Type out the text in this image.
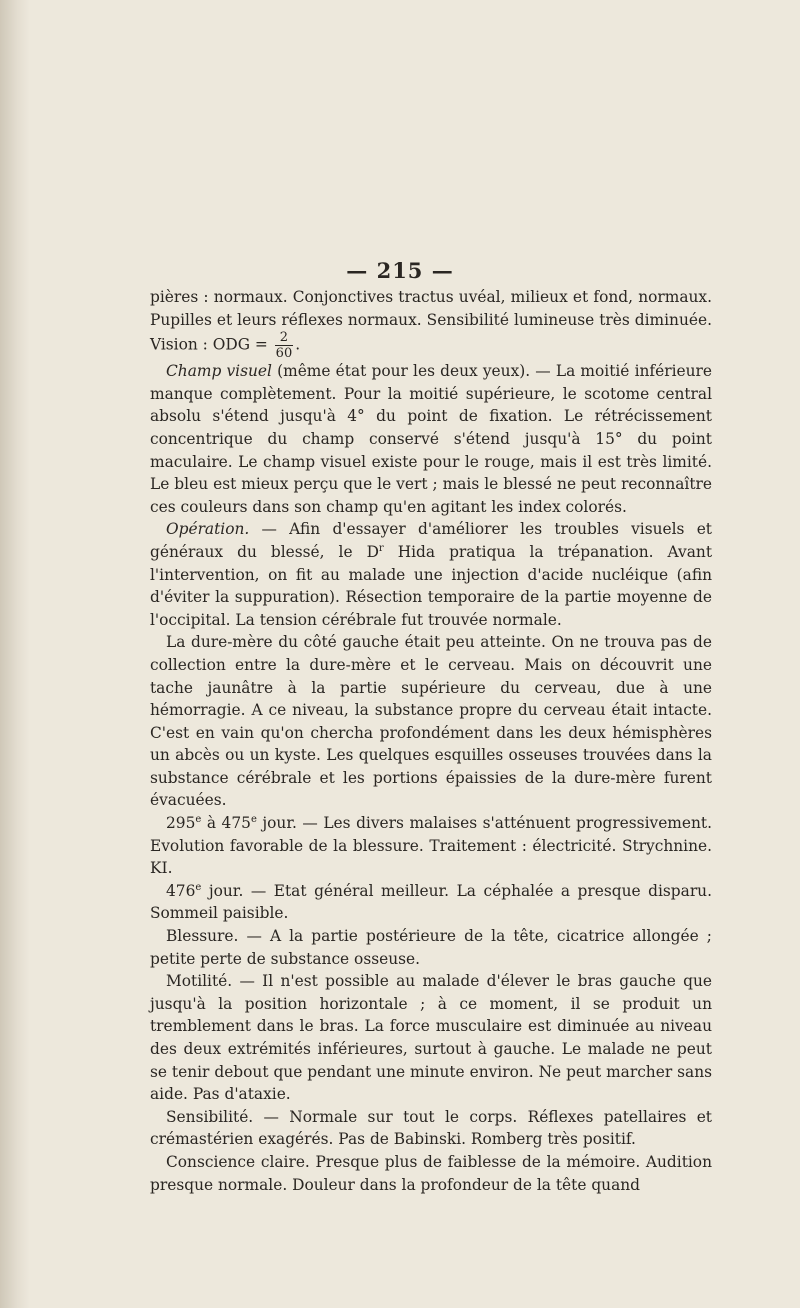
— 215 —

pières : normaux. Conjonctives tractus uvéal, milieux et fond, normaux. Pupilles et leurs réflexes normaux. Sensibilité lumineuse très diminuée. Vision : ODG = $\frac{2}{60}$ .

Champ visuel (même état pour les deux yeux). — La moitié inférieure manque complètement. Pour la moitié supérieure, le scotome central absolu s'étend jusqu'à 4° du point de fixation. Le rétrécissement concentrique du champ conservé s'étend jusqu'à 15° du point maculaire. Le champ visuel existe pour le rouge, mais il est très limité. Le bleu est mieux perçu que le vert ; mais le blessé ne peut reconnaître ces couleurs dans son champ qu'en agitant les index colorés.

Opération. — Afin d'essayer d'améliorer les troubles visuels et généraux du blessé, le $D^r$ Hida pratiqua la trépanation. Avant l'intervention, on fit au malade une injection d'acide nucléique (afin d'éviter la suppuration). Résection temporaire de la partie moyenne de l'occipital. La tension cérébrale fut trouvée normale.

La dure-mère du côté gauche était peu atteinte. On ne trouva pas de collection entre la dure-mère et le cerveau. Mais on découvrit une tache jaunâtre à la partie supérieure du cerveau, due à une hémorragie. A ce niveau, la substance propre du cerveau était intacte. C'est en vain qu'on chercha profondément dans les deux hémisphères un abcès ou un kyste. Les quelques esquilles osseuses trouvées dans la substance cérébrale et les portions épaissies de la dure-mère furent évacuées.

295e à 475e jour. — Les divers malaises s'atténuent progressivement. Evolution favorable de la blessure. Traitement : électricité. Strychnine. KI.

476e jour. — Etat général meilleur. La céphalée a presque disparu. Sommeil paisible.

Blessure. — A la partie postérieure de la tête, cicatrice allongée ; petite perte de substance osseuse.

Motilité. — Il n'est possible au malade d'élever le bras gauche que jusqu'à la position horizontale ; à ce moment, il se produit un tremblement dans le bras. La force musculaire est diminuée au niveau des deux extrémités inférieures, surtout à gauche. Le malade ne peut se tenir debout que pendant une minute environ. Ne peut marcher sans aide. Pas d'ataxie.

Sensibilité. — Normale sur tout le corps. Réflexes patellaires et crémastérien exagérés. Pas de Babinski. Romberg très positif.

Conscience claire. Presque plus de faiblesse de la mémoire. Audition presque normale. Douleur dans la profondeur de la tête quand
